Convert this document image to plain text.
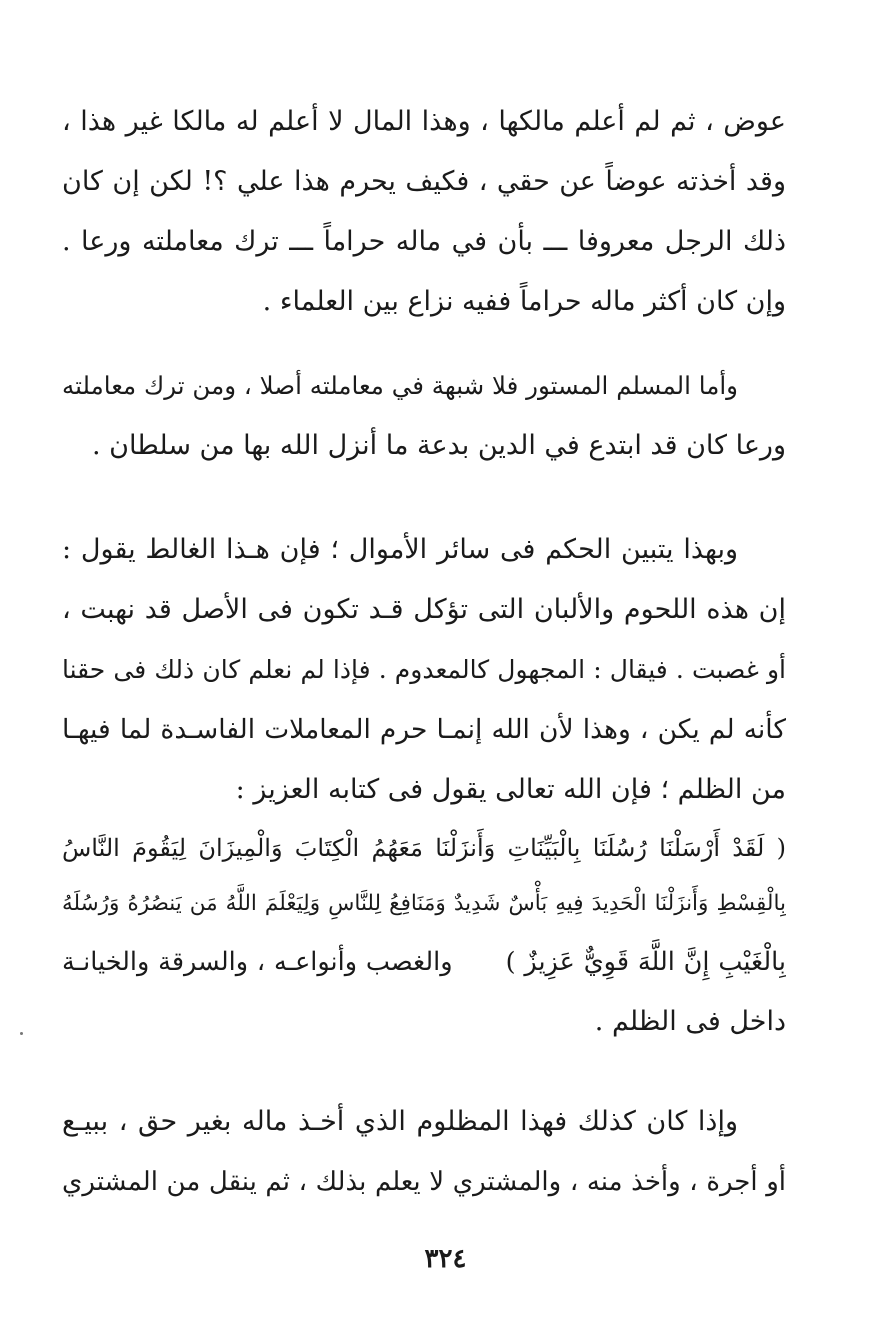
عوض ، ثم لم أعلم مالكها ، وهذا المال لا أعلم له مالكا غير هذا ،
وقد أخذته عوضاً عن حقي ، فكيف يحرم هذا علي ؟! لكن إن كان
ذلك الرجل معروفا ـــ بأن في ماله حراماً ـــ ترك معاملته ورعا .
وإن كان أكثر ماله حراماً ففيه نزاع بين العلماء .
وأما المسلم المستور فلا شبهة في معاملته أصلا ، ومن ترك معاملته
ورعا كان قد ابتدع في الدين بدعة ما أنزل الله بها من سلطان .
وبهذا يتبين الحكم فى سائر الأموال ؛ فإن هـذا الغالط يقول :
إن هذه اللحوم والألبان التى تؤكل قـد تكون فى الأصل قد نهبت ،
أو غصبت . فيقال : المجهول كالمعدوم . فإذا لم نعلم كان ذلك فى حقنا
كأنه لم يكن ، وهذا لأن الله إنمـا حرم المعاملات الفاسـدة لما فيهـا
من الظلم ؛ فإن الله تعالى يقول فى كتابه العزيز :
( لَقَدْ أَرْسَلْنَا رُسُلَنَا بِالْبَيِّنَاتِ وَأَنزَلْنَا مَعَهُمُ الْكِتَابَ وَالْمِيزَانَ لِيَقُومَ النَّاسُ
بِالْقِسْطِ وَأَنزَلْنَا الْحَدِيدَ فِيهِ بَأْسٌ شَدِيدٌ وَمَنَافِعُ لِلنَّاسِ وَلِيَعْلَمَ اللَّهُ مَن يَنصُرُهُ وَرُسُلَهُ
بِالْغَيْبِ إِنَّ اللَّهَ قَوِيٌّ عَزِيزٌ )      والغصب وأنواعـه ، والسرقة والخيانـة
داخل فى الظلم .
وإذا كان كذلك فهذا المظلوم الذي أخـذ ماله بغير حق ، ببيـع
أو أجرة ، وأخذ منه ، والمشتري لا يعلم بذلك ، ثم ينقل من المشتري
٣٢٤
